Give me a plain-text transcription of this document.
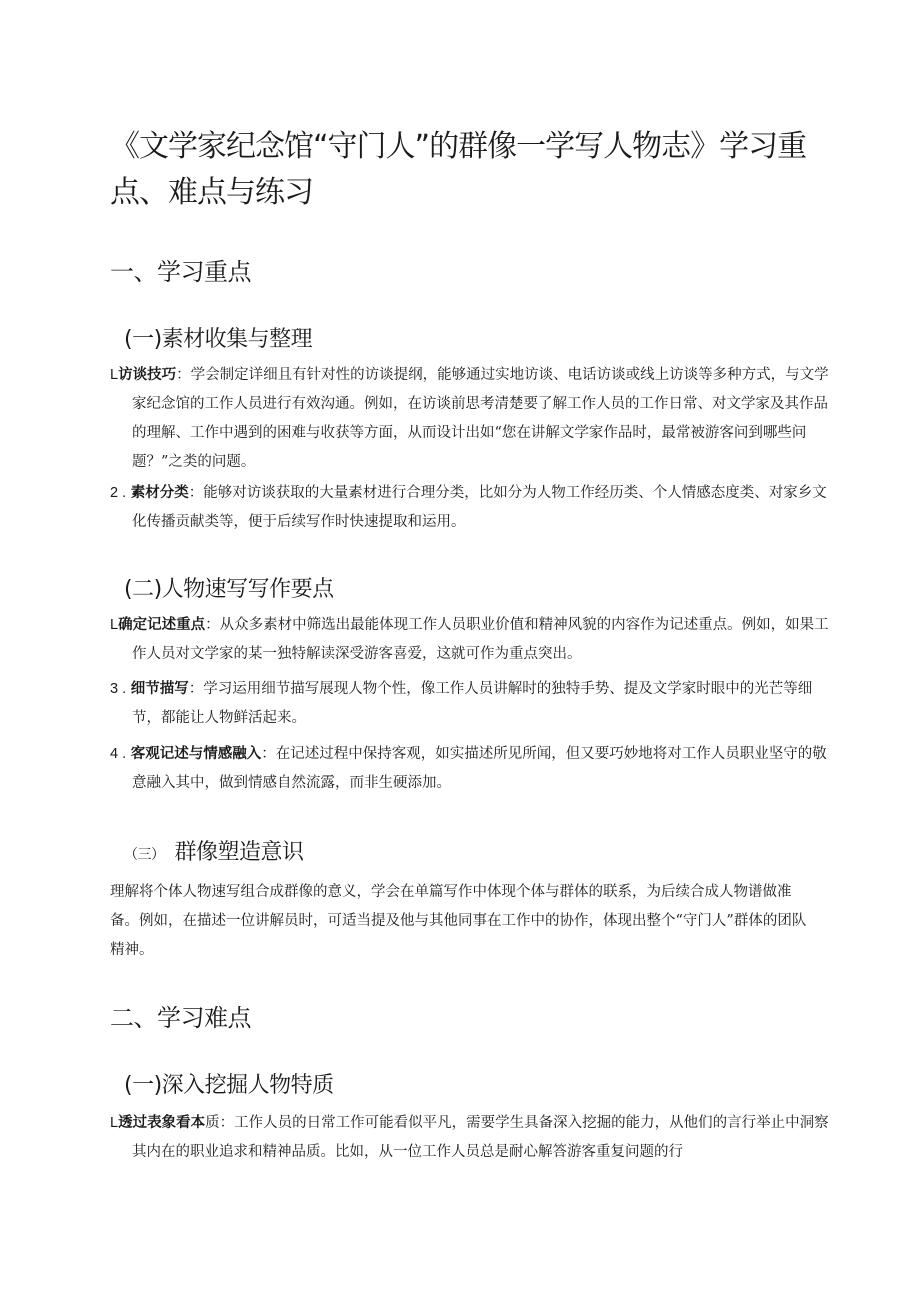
《文学家纪念馆“守门人”的群像一学写人物志》学习重点、难点与练习
一、学习重点
(一)素材收集与整理

L访谈技巧：学会制定详细且有针对性的访谈提纲，能够通过实地访谈、电话访谈或线上访谈等多种方式，与文学家纪念馆的工作人员进行有效沟通。例如，在访谈前思考清楚要了解工作人员的工作日常、对文学家及其作品的理解、工作中遇到的困难与收获等方面，从而设计出如“您在讲解文学家作品时，最常被游客问到哪些问题？”之类的问题。

2 . 素材分类：能够对访谈获取的大量素材进行合理分类，比如分为人物工作经历类、个人情感态度类、对家乡文化传播贡献类等，便于后续写作时快速提取和运用。

(二)人物速写写作要点

L确定记述重点：从众多素材中筛选出最能体现工作人员职业价值和精神风貌的内容作为记述重点。例如，如果工作人员对文学家的某一独特解读深受游客喜爱，这就可作为重点突出。

3 . 细节描写：学习运用细节描写展现人物个性，像工作人员讲解时的独特手势、提及文学家时眼中的光芒等细节，都能让人物鲜活起来。

4 . 客观记述与情感融入：在记述过程中保持客观，如实描述所见所闻，但又要巧妙地将对工作人员职业坚守的敬意融入其中，做到情感自然流露，而非生硬添加。

（三） 群像塑造意识

理解将个体人物速写组合成群像的意义，学会在单篇写作中体现个体与群体的联系，为后续合成人物谱做准备。例如，在描述一位讲解员时，可适当提及他与其他同事在工作中的协作，体现出整个“守门人”群体的团队精神。

二、学习难点
(一)深入挖掘人物特质

L透过表象看本质：工作人员的日常工作可能看似平凡，需要学生具备深入挖掘的能力，从他们的言行举止中洞察其内在的职业追求和精神品质。比如，从一位工作人员总是耐心解答游客重复问题的行
